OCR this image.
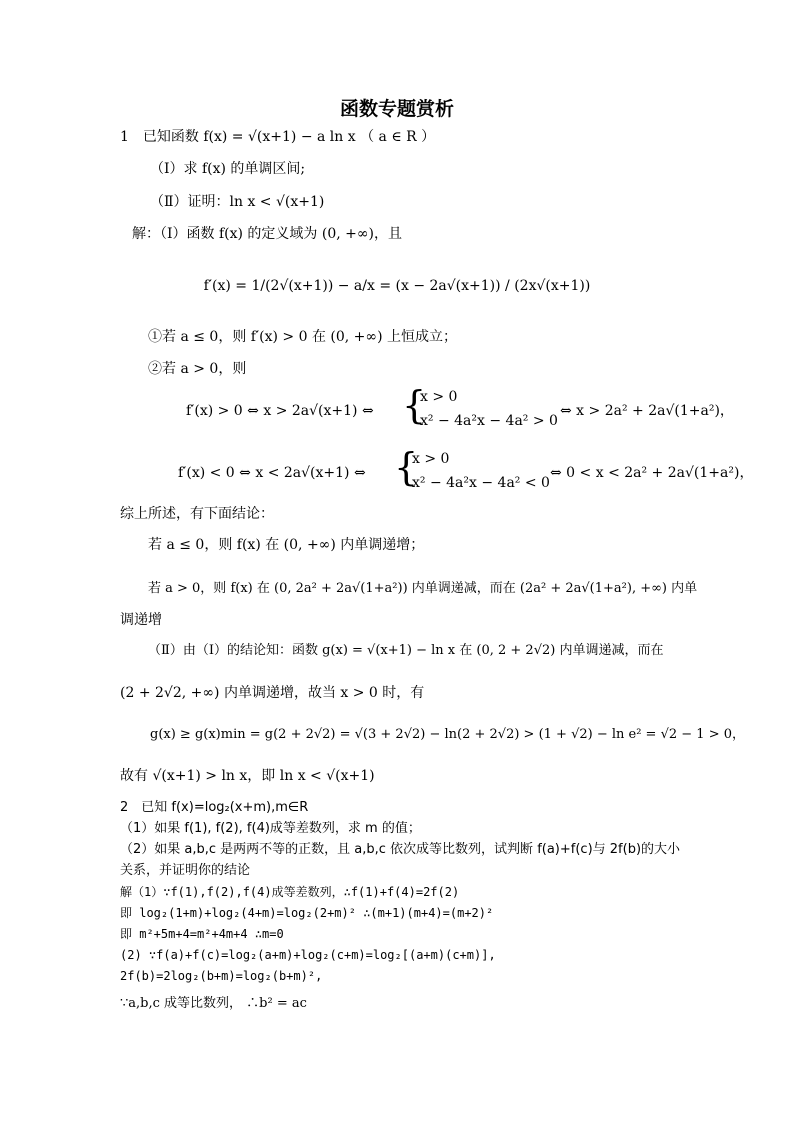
函数专题赏析
1　已知函数 f(x) = √(x+1) − a ln x （ a ∈ R ）
（Ⅰ）求 f(x) 的单调区间;
（Ⅱ）证明：ln x < √(x+1)
解：（Ⅰ）函数 f(x) 的定义域为 (0, +∞)，且
f′(x) = 1/(2√(x+1)) − a/x = (x − 2a√(x+1)) / (2x√(x+1))
①若 a ≤ 0，则 f′(x) > 0 在 (0, +∞) 上恒成立；
②若 a > 0，则
f′(x) > 0 ⇔ x > 2a√(x+1) ⇔ {
x > 0
x² − 4a²x − 4a² > 0
⇔ x > 2a² + 2a√(1+a²)，
f′(x) < 0 ⇔ x < 2a√(x+1) ⇔ {
x > 0
x² − 4a²x − 4a² < 0
⇔ 0 < x < 2a² + 2a√(1+a²)，
综上所述，有下面结论：
若 a ≤ 0，则 f(x) 在 (0, +∞) 内单调递增；
若 a > 0，则 f(x) 在 (0, 2a² + 2a√(1+a²)) 内单调递减，而在 (2a² + 2a√(1+a²), +∞) 内单
调递增
（Ⅱ）由（Ⅰ）的结论知：函数 g(x) = √(x+1) − ln x 在 (0, 2 + 2√2) 内单调递减，而在
(2 + 2√2, +∞) 内单调递增，故当 x > 0 时，有
g(x) ≥ g(x)min = g(2 + 2√2) = √(3 + 2√2) − ln(2 + 2√2) > (1 + √2) − ln e² = √2 − 1 > 0，
故有 √(x+1) > ln x，即 ln x < √(x+1)
2　已知 f(x)=log₂(x+m),m∈R
（1）如果 f(1), f(2), f(4)成等差数列，求 m 的值；
（2）如果 a,b,c 是两两不等的正数，且 a,b,c 依次成等比数列，试判断 f(a)+f(c)与 2f(b)的大小
关系，并证明你的结论
解（1）∵f(1),f(2),f(4)成等差数列，∴f(1)+f(4)=2f(2)
即 log₂(1+m)+log₂(4+m)=log₂(2+m)² ∴(m+1)(m+4)=(m+2)²
即 m²+5m+4=m²+4m+4 ∴m=0
(2) ∵f(a)+f(c)=log₂(a+m)+log₂(c+m)=log₂[(a+m)(c+m)],
2f(b)=2log₂(b+m)=log₂(b+m)²,
∵a,b,c 成等比数列， ∴b² = ac
